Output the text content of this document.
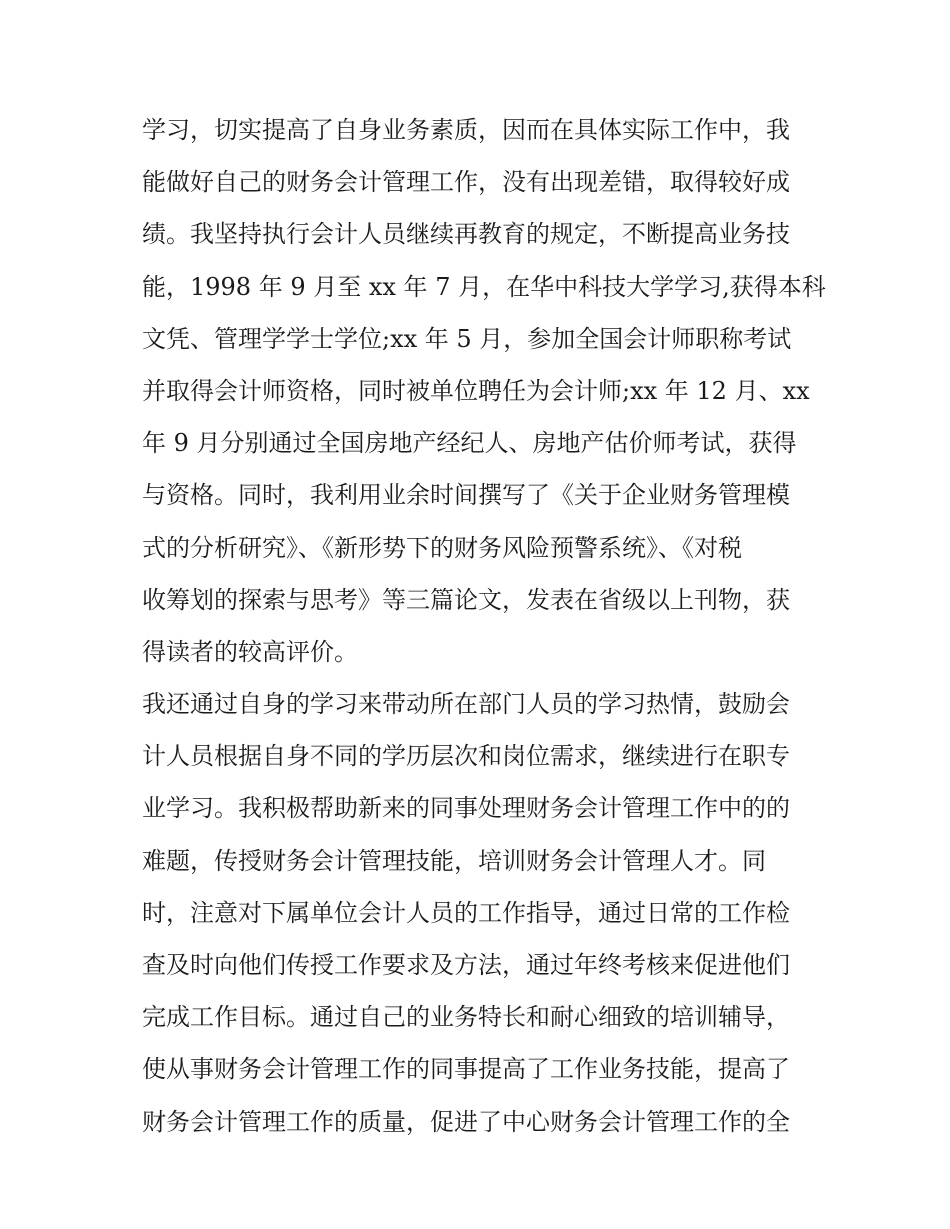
学习，切实提高了自身业务素质，因而在具体实际工作中，我
能做好自己的财务会计管理工作，没有出现差错，取得较好成
绩。我坚持执行会计人员继续再教育的规定，不断提高业务技
能，1998 年 9 月至 xx 年 7 月，在华中科技大学学习,获得本科
文凭、管理学学士学位;xx 年 5 月，参加全国会计师职称考试
并取得会计师资格，同时被单位聘任为会计师;xx 年 12 月、xx
年 9 月分别通过全国房地产经纪人、房地产估价师考试，获得
与资格。同时，我利用业余时间撰写了《关于企业财务管理模
式的分析研究》、《新形势下的财务风险预警系统》、《对税
收筹划的探索与思考》等三篇论文，发表在省级以上刊物，获
得读者的较高评价。
我还通过自身的学习来带动所在部门人员的学习热情，鼓励会
计人员根据自身不同的学历层次和岗位需求，继续进行在职专
业学习。我积极帮助新来的同事处理财务会计管理工作中的的
难题，传授财务会计管理技能，培训财务会计管理人才。同
时，注意对下属单位会计人员的工作指导，通过日常的工作检
查及时向他们传授工作要求及方法，通过年终考核来促进他们
完成工作目标。通过自己的业务特长和耐心细致的培训辅导，
使从事财务会计管理工作的同事提高了工作业务技能，提高了
财务会计管理工作的质量，促进了中心财务会计管理工作的全
